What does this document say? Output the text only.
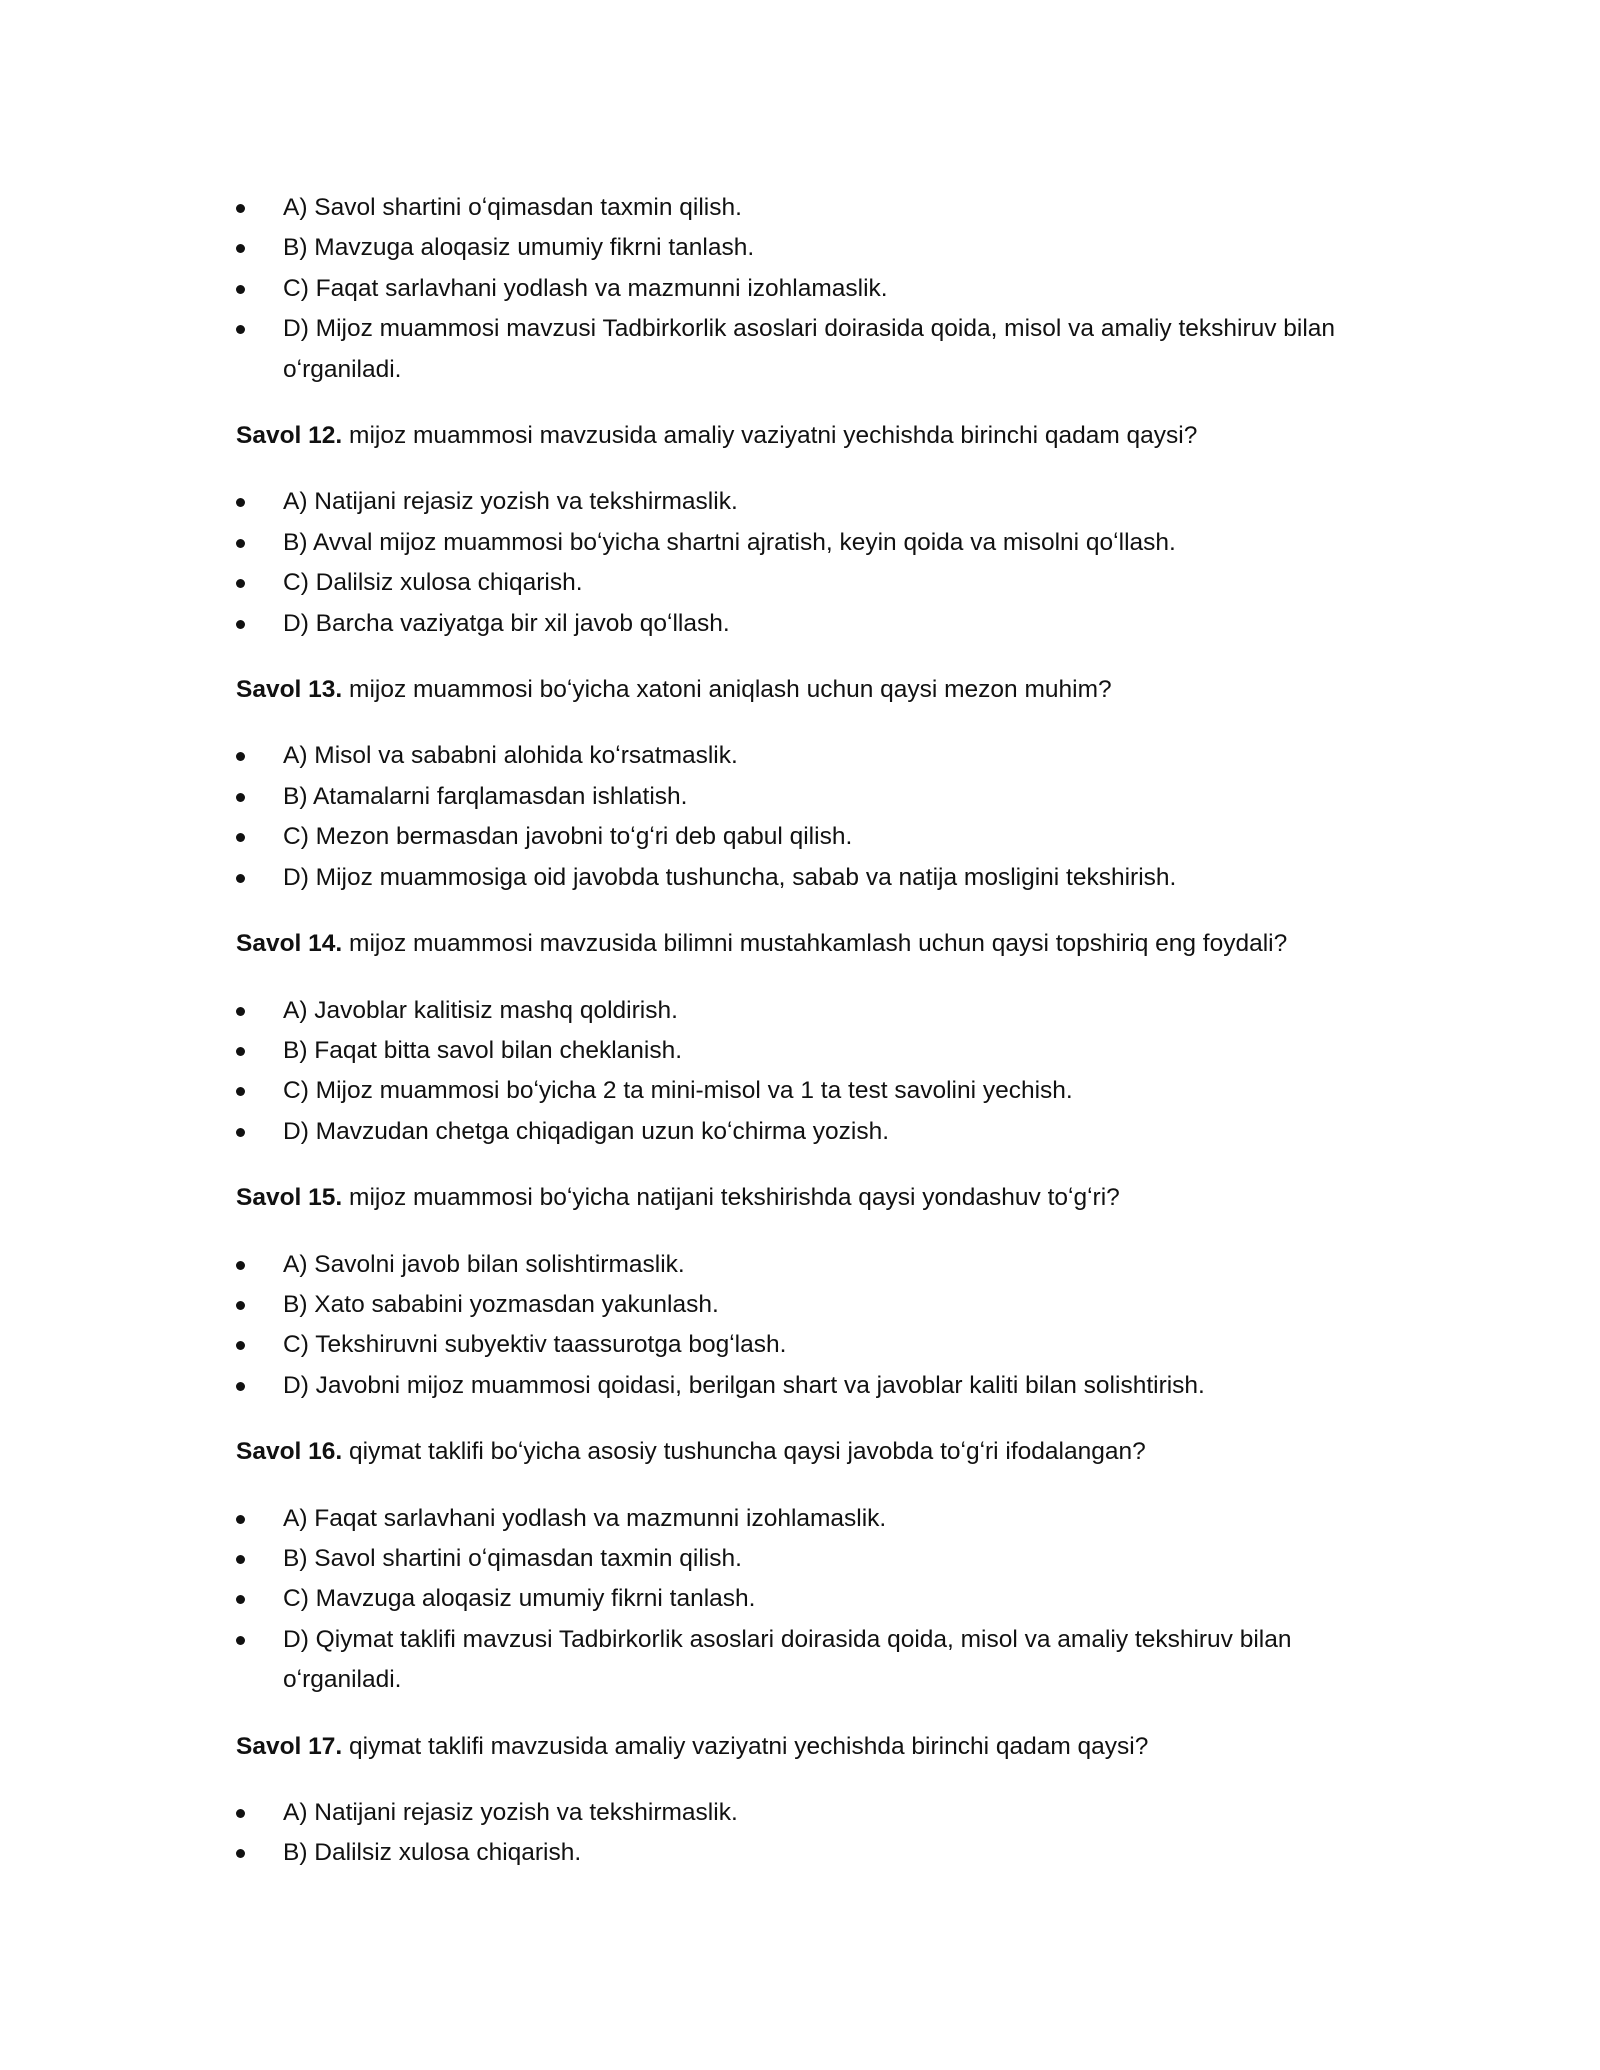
A) Savol shartini oʻqimasdan taxmin qilish.
B) Mavzuga aloqasiz umumiy fikrni tanlash.
C) Faqat sarlavhani yodlash va mazmunni izohlamaslik.
D) Mijoz muammosi mavzusi Tadbirkorlik asoslari doirasida qoida, misol va amaliy tekshiruv bilan oʻrganiladi.

Savol 12. mijoz muammosi mavzusida amaliy vaziyatni yechishda birinchi qadam qaysi?

A) Natijani rejasiz yozish va tekshirmaslik.
B) Avval mijoz muammosi boʻyicha shartni ajratish, keyin qoida va misolni qoʻllash.
C) Dalilsiz xulosa chiqarish.
D) Barcha vaziyatga bir xil javob qoʻllash.

Savol 13. mijoz muammosi boʻyicha xatoni aniqlash uchun qaysi mezon muhim?

A) Misol va sababni alohida koʻrsatmaslik.
B) Atamalarni farqlamasdan ishlatish.
C) Mezon bermasdan javobni toʻgʻri deb qabul qilish.
D) Mijoz muammosiga oid javobda tushuncha, sabab va natija mosligini tekshirish.

Savol 14. mijoz muammosi mavzusida bilimni mustahkamlash uchun qaysi topshiriq eng foydali?

A) Javoblar kalitisiz mashq qoldirish.
B) Faqat bitta savol bilan cheklanish.
C) Mijoz muammosi boʻyicha 2 ta mini-misol va 1 ta test savolini yechish.
D) Mavzudan chetga chiqadigan uzun koʻchirma yozish.

Savol 15. mijoz muammosi boʻyicha natijani tekshirishda qaysi yondashuv toʻgʻri?

A) Savolni javob bilan solishtirmaslik.
B) Xato sababini yozmasdan yakunlash.
C) Tekshiruvni subyektiv taassurotga bogʻlash.
D) Javobni mijoz muammosi qoidasi, berilgan shart va javoblar kaliti bilan solishtirish.

Savol 16. qiymat taklifi boʻyicha asosiy tushuncha qaysi javobda toʻgʻri ifodalangan?

A) Faqat sarlavhani yodlash va mazmunni izohlamaslik.
B) Savol shartini oʻqimasdan taxmin qilish.
C) Mavzuga aloqasiz umumiy fikrni tanlash.
D) Qiymat taklifi mavzusi Tadbirkorlik asoslari doirasida qoida, misol va amaliy tekshiruv bilan oʻrganiladi.

Savol 17. qiymat taklifi mavzusida amaliy vaziyatni yechishda birinchi qadam qaysi?

A) Natijani rejasiz yozish va tekshirmaslik.
B) Dalilsiz xulosa chiqarish.
